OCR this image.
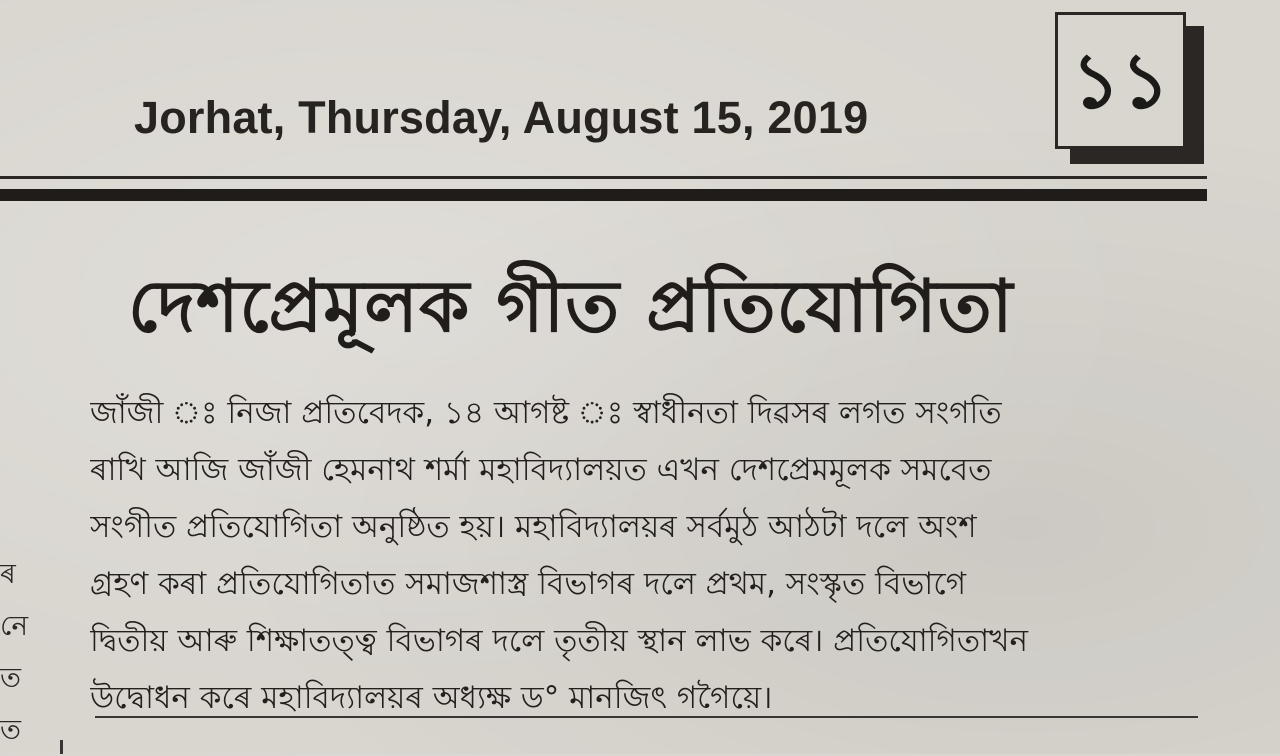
Jorhat, Thursday, August 15, 2019	১১
দেশপ্ৰেমূলক গীত প্ৰতিযোগিতা
জাঁজী ঃ নিজা প্ৰতিবেদক, ১৪ আগষ্ট ঃ স্বাধীনতা দিৱসৰ লগত সংগতি
ৰাখি আজি জাঁজী হেমনাথ শৰ্মা মহাবিদ্যালয়ত এখন দেশপ্ৰেমমূলক সমবেত
সংগীত প্ৰতিযোগিতা অনুষ্ঠিত হয়। মহাবিদ্যালয়ৰ সৰ্বমুঠ আঠটা দলে অংশ
গ্ৰহণ কৰা প্ৰতিযোগিতাত সমাজশাস্ত্ৰ বিভাগৰ দলে প্ৰথম, সংস্কৃত বিভাগে
দ্বিতীয় আৰু শিক্ষাতত্ত্ব বিভাগৰ দলে তৃতীয় স্থান লাভ কৰে। প্ৰতিযোগিতাখন
উদ্বোধন কৰে মহাবিদ্যালয়ৰ অধ্যক্ষ ড° মানজিৎ গগৈয়ে।
ৰ
নে
ত
ত
